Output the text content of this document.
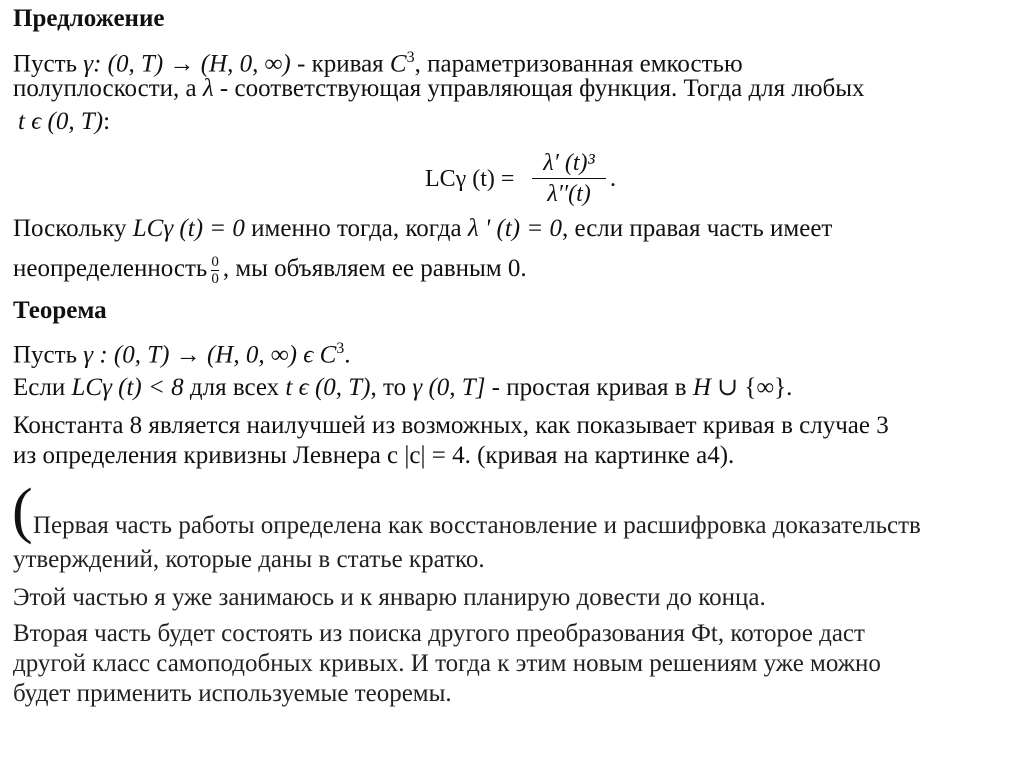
Предложение
Пусть γ: (0, T) → (H, 0, ∞) - кривая $C^3$, параметризованная емкостью
полуплоскости, а λ - соответствующая управляющая функция. Тогда для любых
t ϵ (0, T):
LCγ (t) =
λ′ (t)³
λ′′(t)
.
Поскольку LCγ (t) = 0 именно тогда, когда λ ' (t) = 0, если правая часть имеет
неопределенность $\frac{0}{0}$ , мы объявляем ее равным 0.
Теорема
Пусть γ : (0, T) → (H, 0, ∞) ϵ $C^3$.
Если LCγ (t) < 8 для всех t ϵ (0, T), то γ (0, T] - простая кривая в H ∪ {∞}.
Константа 8 является наилучшей из возможных, как показывает кривая в случае 3
из определения кривизны Левнера c |c| = 4. (кривая на картинке а4).
( Первая часть работы определена как восстановление и расшифровка доказательств
утверждений, которые даны в статье кратко.
Этой частью я уже занимаюсь и к январю планирую довести до конца.
Вторая часть будет состоять из поиска другого преобразования Фt, которое даст
другой класс самоподобных кривых. И тогда к этим новым решениям уже можно
будет применить используемые теоремы.
